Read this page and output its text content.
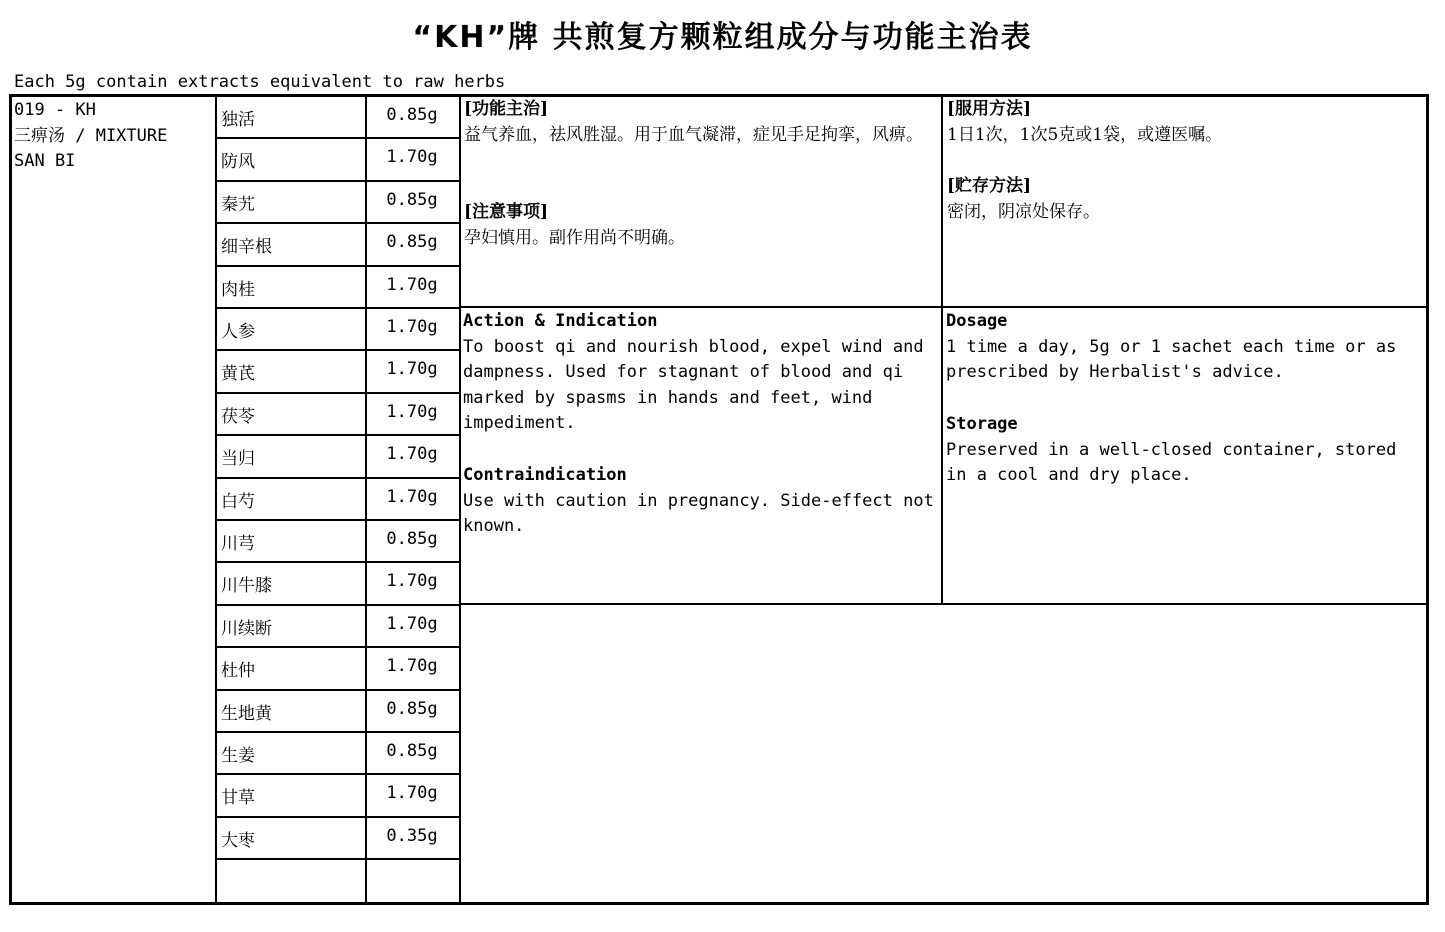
“KH”牌 共煎复方颗粒组成分与功能主治表
Each 5g contain extracts equivalent to raw herbs
019 - KH
三痹汤 / MIXTURE
SAN BI
独活	0.85g
防风	1.70g
秦艽	0.85g
细辛根	0.85g
肉桂	1.70g
人参	1.70g
黄芪	1.70g
茯苓	1.70g
当归	1.70g
白芍	1.70g
川芎	0.85g
川牛膝	1.70g
川续断	1.70g
杜仲	1.70g
生地黄	0.85g
生姜	0.85g
甘草	1.70g
大枣	0.35g
[功能主治]
益气养血，祛风胜湿。用于血气凝滞，症见手足拘挛，风痹。
[注意事项]
孕妇慎用。副作用尚不明确。
[服用方法]
1日1次，1次5克或1袋，或遵医嘱。
[贮存方法]
密闭，阴凉处保存。
Action & Indication
To boost qi and nourish blood, expel wind and dampness. Used for stagnant of blood and qi marked by spasms in hands and feet, wind impediment.
Contraindication
Use with caution in pregnancy. Side-effect not known.
Dosage
1 time a day, 5g or 1 sachet each time or as prescribed by Herbalist's advice.
Storage
Preserved in a well-closed container, stored in a cool and dry place.
